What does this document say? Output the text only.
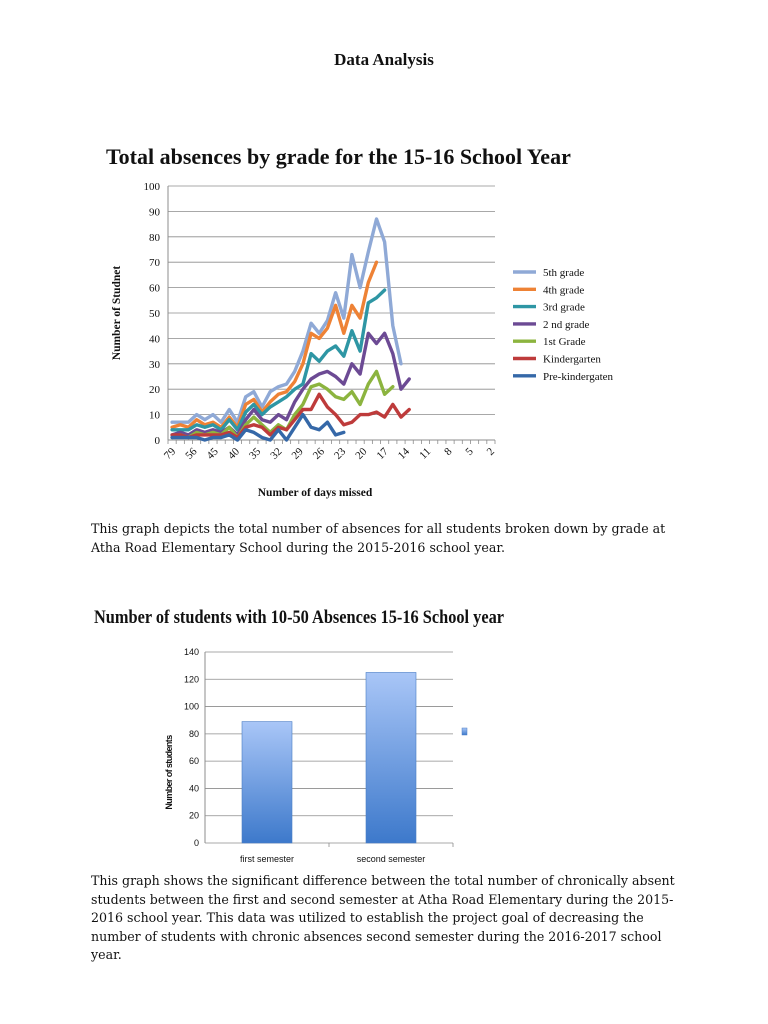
Data Analysis
Total absences by grade for the 15-16 School Year
0
10
20
30
40
50
60
70
80
90
100
79 56 45 40 35 32 29 26 23 20 17 14 11 8 5 2
Number of Studnet
Number of days missed
5th grade
4th grade
3rd grade
2 nd grade
1st Grade
Kindergarten
Pre-kindergaten
0
20
40
60
80
100
120
140
first semester	second semester
Number of students
This graph depicts the total number of absences for all students broken down by grade at Atha Road Elementary School during the 2015-2016 school year.
Number of students with 10-50 Absences 15-16 School year
This graph shows the significant difference between the total number of chronically absent students between the first and second semester at Atha Road Elementary during the 2015-2016 school year. This data was utilized to establish the project goal of decreasing the number of students with chronic absences second semester during the 2016-2017 school year.
